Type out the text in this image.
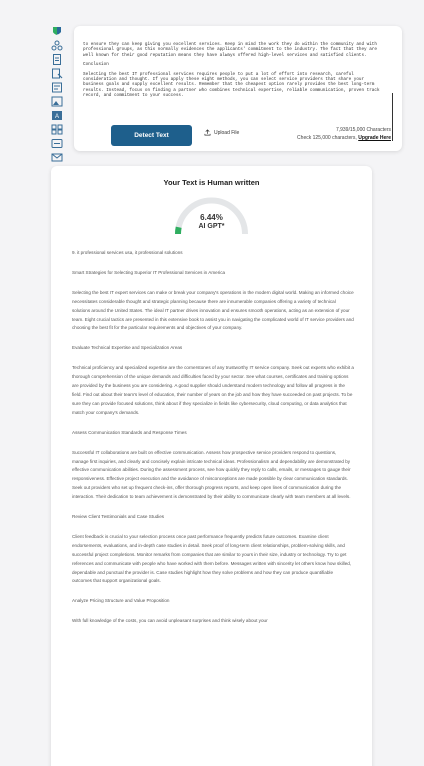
A

to ensure they can keep giving you excellent services. Keep in mind the work they do within the community and with professional groups, as this normally evidences the applicants' commitment to the industry. The fact that they are well known for their good reputation means they have always offered high-level services and satisfied clients.

Conclusion

Selecting the best IT professional services requires people to put a lot of effort into research, careful consideration and thought. If you apply these eight methods, you can select service providers that share your business goals and supply excellent results. Remember that the cheapest option rarely provides the best long-term results. Instead, focus on finding a partner who combines technical expertise, reliable communication, proven track record, and commitment to your success.

Detect Text	Upload File	7,939/15,000 Characters
Check 125,000 characters, Upgrade Here
Your Text is Human written
6.44%
AI GPT*

9. it professional services usa, it professional solutions

Smart Strategies for Selecting Superior IT Professional Services in America

Selecting the best IT expert services can make or break your company's operations in the modern digital world. Making an informed choice necessitates considerable thought and strategic planning because there are innumerable companies offering a variety of technical solutions around the United States. The ideal IT partner drives innovation and ensures smooth operations, acting as an extension of your team. Eight crucial tactics are presented in this extensive book to assist you in navigating the complicated world of IT service providers and choosing the best fit for the particular requirements and objectives of your company.

Evaluate Technical Expertise and Specialization Areas

Technical proficiency and specialized expertise are the cornerstones of any trustworthy IT service company. Seek out experts who exhibit a thorough comprehension of the unique demands and difficulties faced by your sector. See what courses, certificates and training options are provided by the business you are considering. A good supplier should understand modern technology and follow all progress in the field. Find out about their team's level of education, their number of years on the job and how they have succeeded on past projects. To be sure they can provide focused solutions, think about if they specialize in fields like cybersecurity, cloud computing, or data analytics that match your company's demands.

Assess Communication Standards and Response Times

Successful IT collaborations are built on effective communication. Assess how prospective service providers respond to questions, manage first inquiries, and clearly and concisely explain intricate technical ideas. Professionalism and dependability are demonstrated by effective communication abilities. During the assessment process, see how quickly they reply to calls, emails, or messages to gauge their responsiveness. Effective project execution and the avoidance of misconceptions are made possible by clear communication standards. Seek out providers who set up frequent check-ins, offer thorough progress reports, and keep open lines of communication during the interaction. Their dedication to team achievement is demonstrated by their ability to communicate clearly with team members at all levels.

Review Client Testimonials and Case Studies

Client feedback is crucial to your selection process once past performance frequently predicts future outcomes. Examine client endorsements, evaluations, and in-depth case studies in detail. Seek proof of long-term client relationships, problem-solving skills, and successful project completions. Monitor remarks from companies that are similar to yours in their size, industry or technology. Try to get references and communicate with people who have worked with them before. Messages written with sincerity let others know how skilled, dependable and punctual the provider is. Case studies highlight how they solve problems and how they can produce quantifiable outcomes that support organizational goals.

Analyze Pricing Structure and Value Proposition

With full knowledge of the costs, you can avoid unpleasant surprises and think wisely about your
